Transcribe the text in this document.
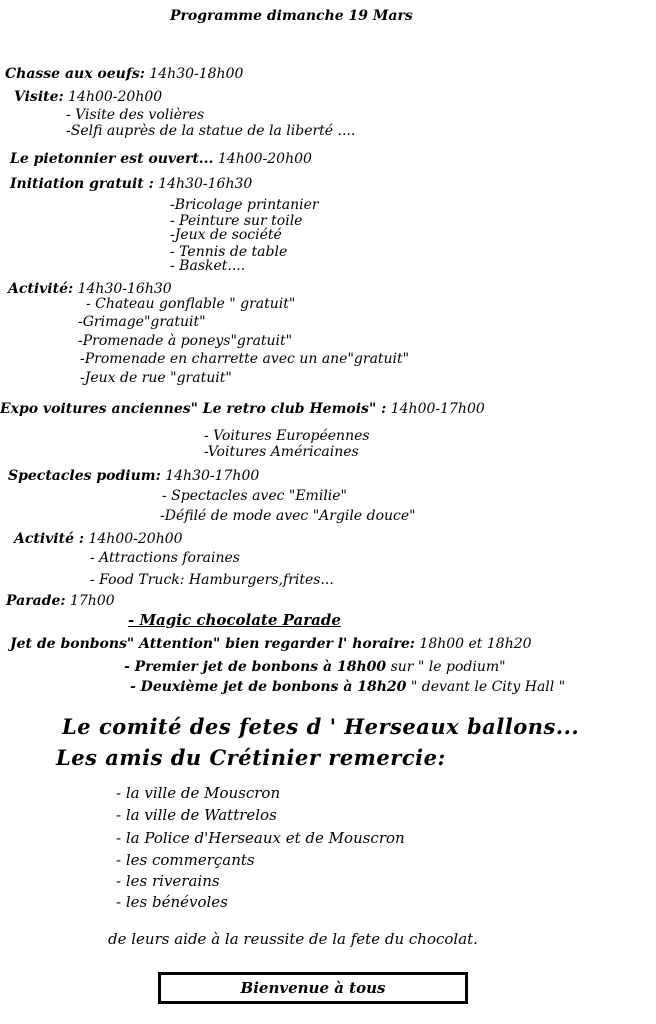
Programme dimanche 19 Mars
Chasse aux oeufs: 14h30-18h00
Visite: 14h00-20h00
- Visite des volières
-Selfi auprès de la statue de la liberté ....
Le pietonnier est ouvert... 14h00-20h00
Initiation gratuit : 14h30-16h30
-Bricolage printanier
- Peinture sur toile
-Jeux de société
- Tennis de table
- Basket....
Activité: 14h30-16h30
- Chateau gonflable " gratuit"
-Grimage"gratuit"
-Promenade à poneys"gratuit"
-Promenade en charrette avec un ane"gratuit"
-Jeux de rue "gratuit"
Expo voitures anciennes" Le retro club Hemois" : 14h00-17h00
- Voitures Européennes
-Voitures Américaines
Spectacles podium: 14h30-17h00
- Spectacles avec "Emilie"
-Défilé de mode avec "Argile douce"
Activité : 14h00-20h00
- Attractions foraines
- Food Truck: Hamburgers,frites...
Parade: 17h00
- Magic chocolate Parade
Jet de bonbons" Attention" bien regarder l' horaire: 18h00 et 18h20
- Premier jet de bonbons à 18h00 sur " le podium"
- Deuxième jet de bonbons à 18h20 " devant le City Hall "
Le comité des fetes d ' Herseaux ballons...
Les amis du Crétinier remercie:
- la ville de Mouscron
- la ville de Wattrelos
- la Police d'Herseaux et de Mouscron
- les commerçants
- les riverains
- les bénévoles
de leurs aide à la reussite de la fete du chocolat.
Bienvenue à tous
